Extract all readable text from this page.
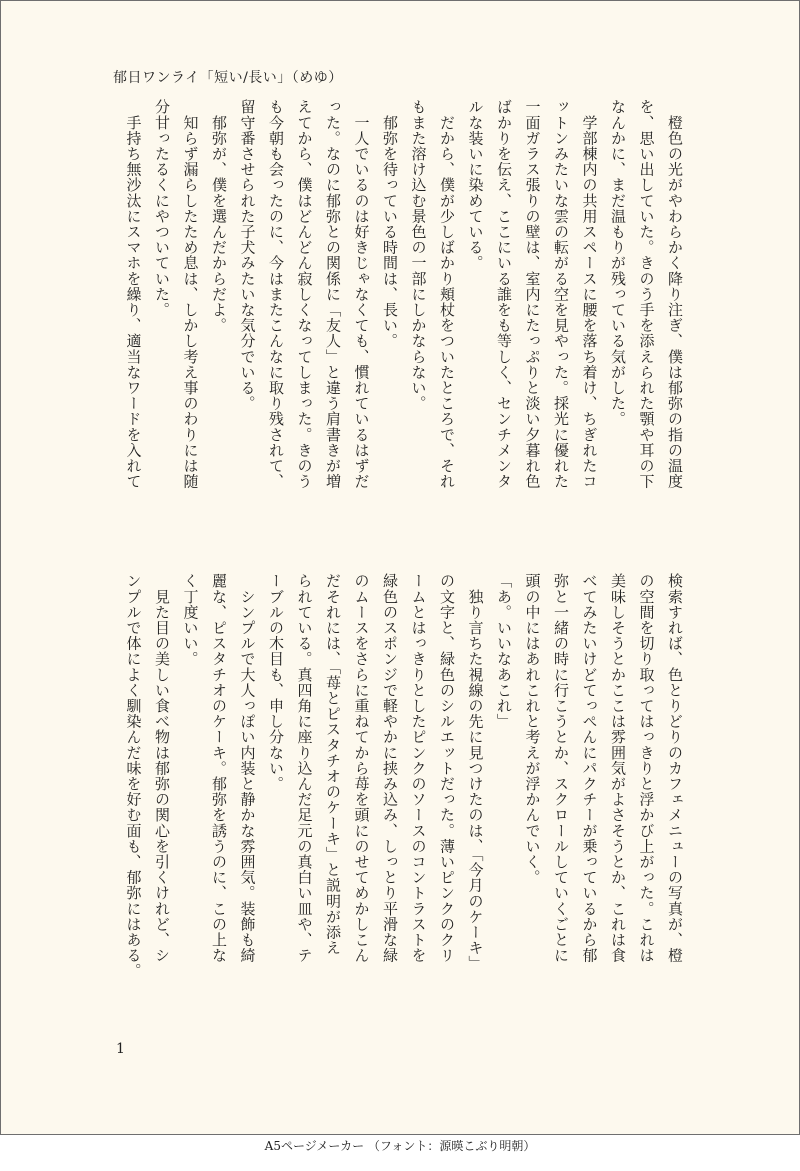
郁日ワンライ「短い/長い」（めゆ）

　橙色の光がやわらかく降り注ぎ、僕は郁弥の指の温度

を、思い出していた。きのう手を添えられた顎や耳の下

なんかに、まだ温もりが残っている気がした。

　学部棟内の共用スペースに腰を落ち着け、ちぎれたコ

ットンみたいな雲の転がる空を見やった。採光に優れた

一面ガラス張りの壁は、室内にたっぷりと淡い夕暮れ色

ばかりを伝え、ここにいる誰をも等しく、センチメンタ

ルな装いに染めている。

　だから、僕が少しばかり頬杖をついたところで、それ

もまた溶け込む景色の一部にしかならない。

　郁弥を待っている時間は、長い。

　一人でいるのは好きじゃなくても、慣れているはずだ

った。なのに郁弥との関係に「友人」と違う肩書きが増

えてから、僕はどんどん寂しくなってしまった。きのう

も今朝も会ったのに、今はまたこんなに取り残されて、

留守番させられた子犬みたいな気分でいる。

　郁弥が、僕を選んだからだよ。

　知らず漏らしたため息は、しかし考え事のわりには随

分甘ったるくにやついていた。

　手持ち無沙汰にスマホを繰り、適当なワードを入れて

検索すれば、色とりどりのカフェメニューの写真が、橙

の空間を切り取ってはっきりと浮かび上がった。これは

美味しそうとかここは雰囲気がよさそうとか、これは食

べてみたいけどてっぺんにパクチーが乗っているから郁

弥と一緒の時に行こうとか、スクロールしていくごとに

頭の中にはあれこれと考えが浮かんでいく。

「あ。いいなあこれ」

　独り言ちた視線の先に見つけたのは、「今月のケーキ」

の文字と、緑色のシルエットだった。薄いピンクのクリ

ームとはっきりとしたピンクのソースのコントラストを

緑色のスポンジで軽やかに挟み込み、しっとり平滑な緑

のムースをさらに重ねてから苺を頭にのせてめかしこん

だそれには、「苺とピスタチオのケーキ」と説明が添え

られている。真四角に座り込んだ足元の真白い皿や、テ

ーブルの木目も、申し分ない。

　シンプルで大人っぽい内装と静かな雰囲気。装飾も綺

麗な、ピスタチオのケーキ。郁弥を誘うのに、この上な

く丁度いい。

　見た目の美しい食べ物は郁弥の関心を引くけれど、シ

ンプルで体によく馴染んだ味を好む面も、郁弥にはある。

1
A5ページメーカー （フォント：源暎こぶり明朝）
